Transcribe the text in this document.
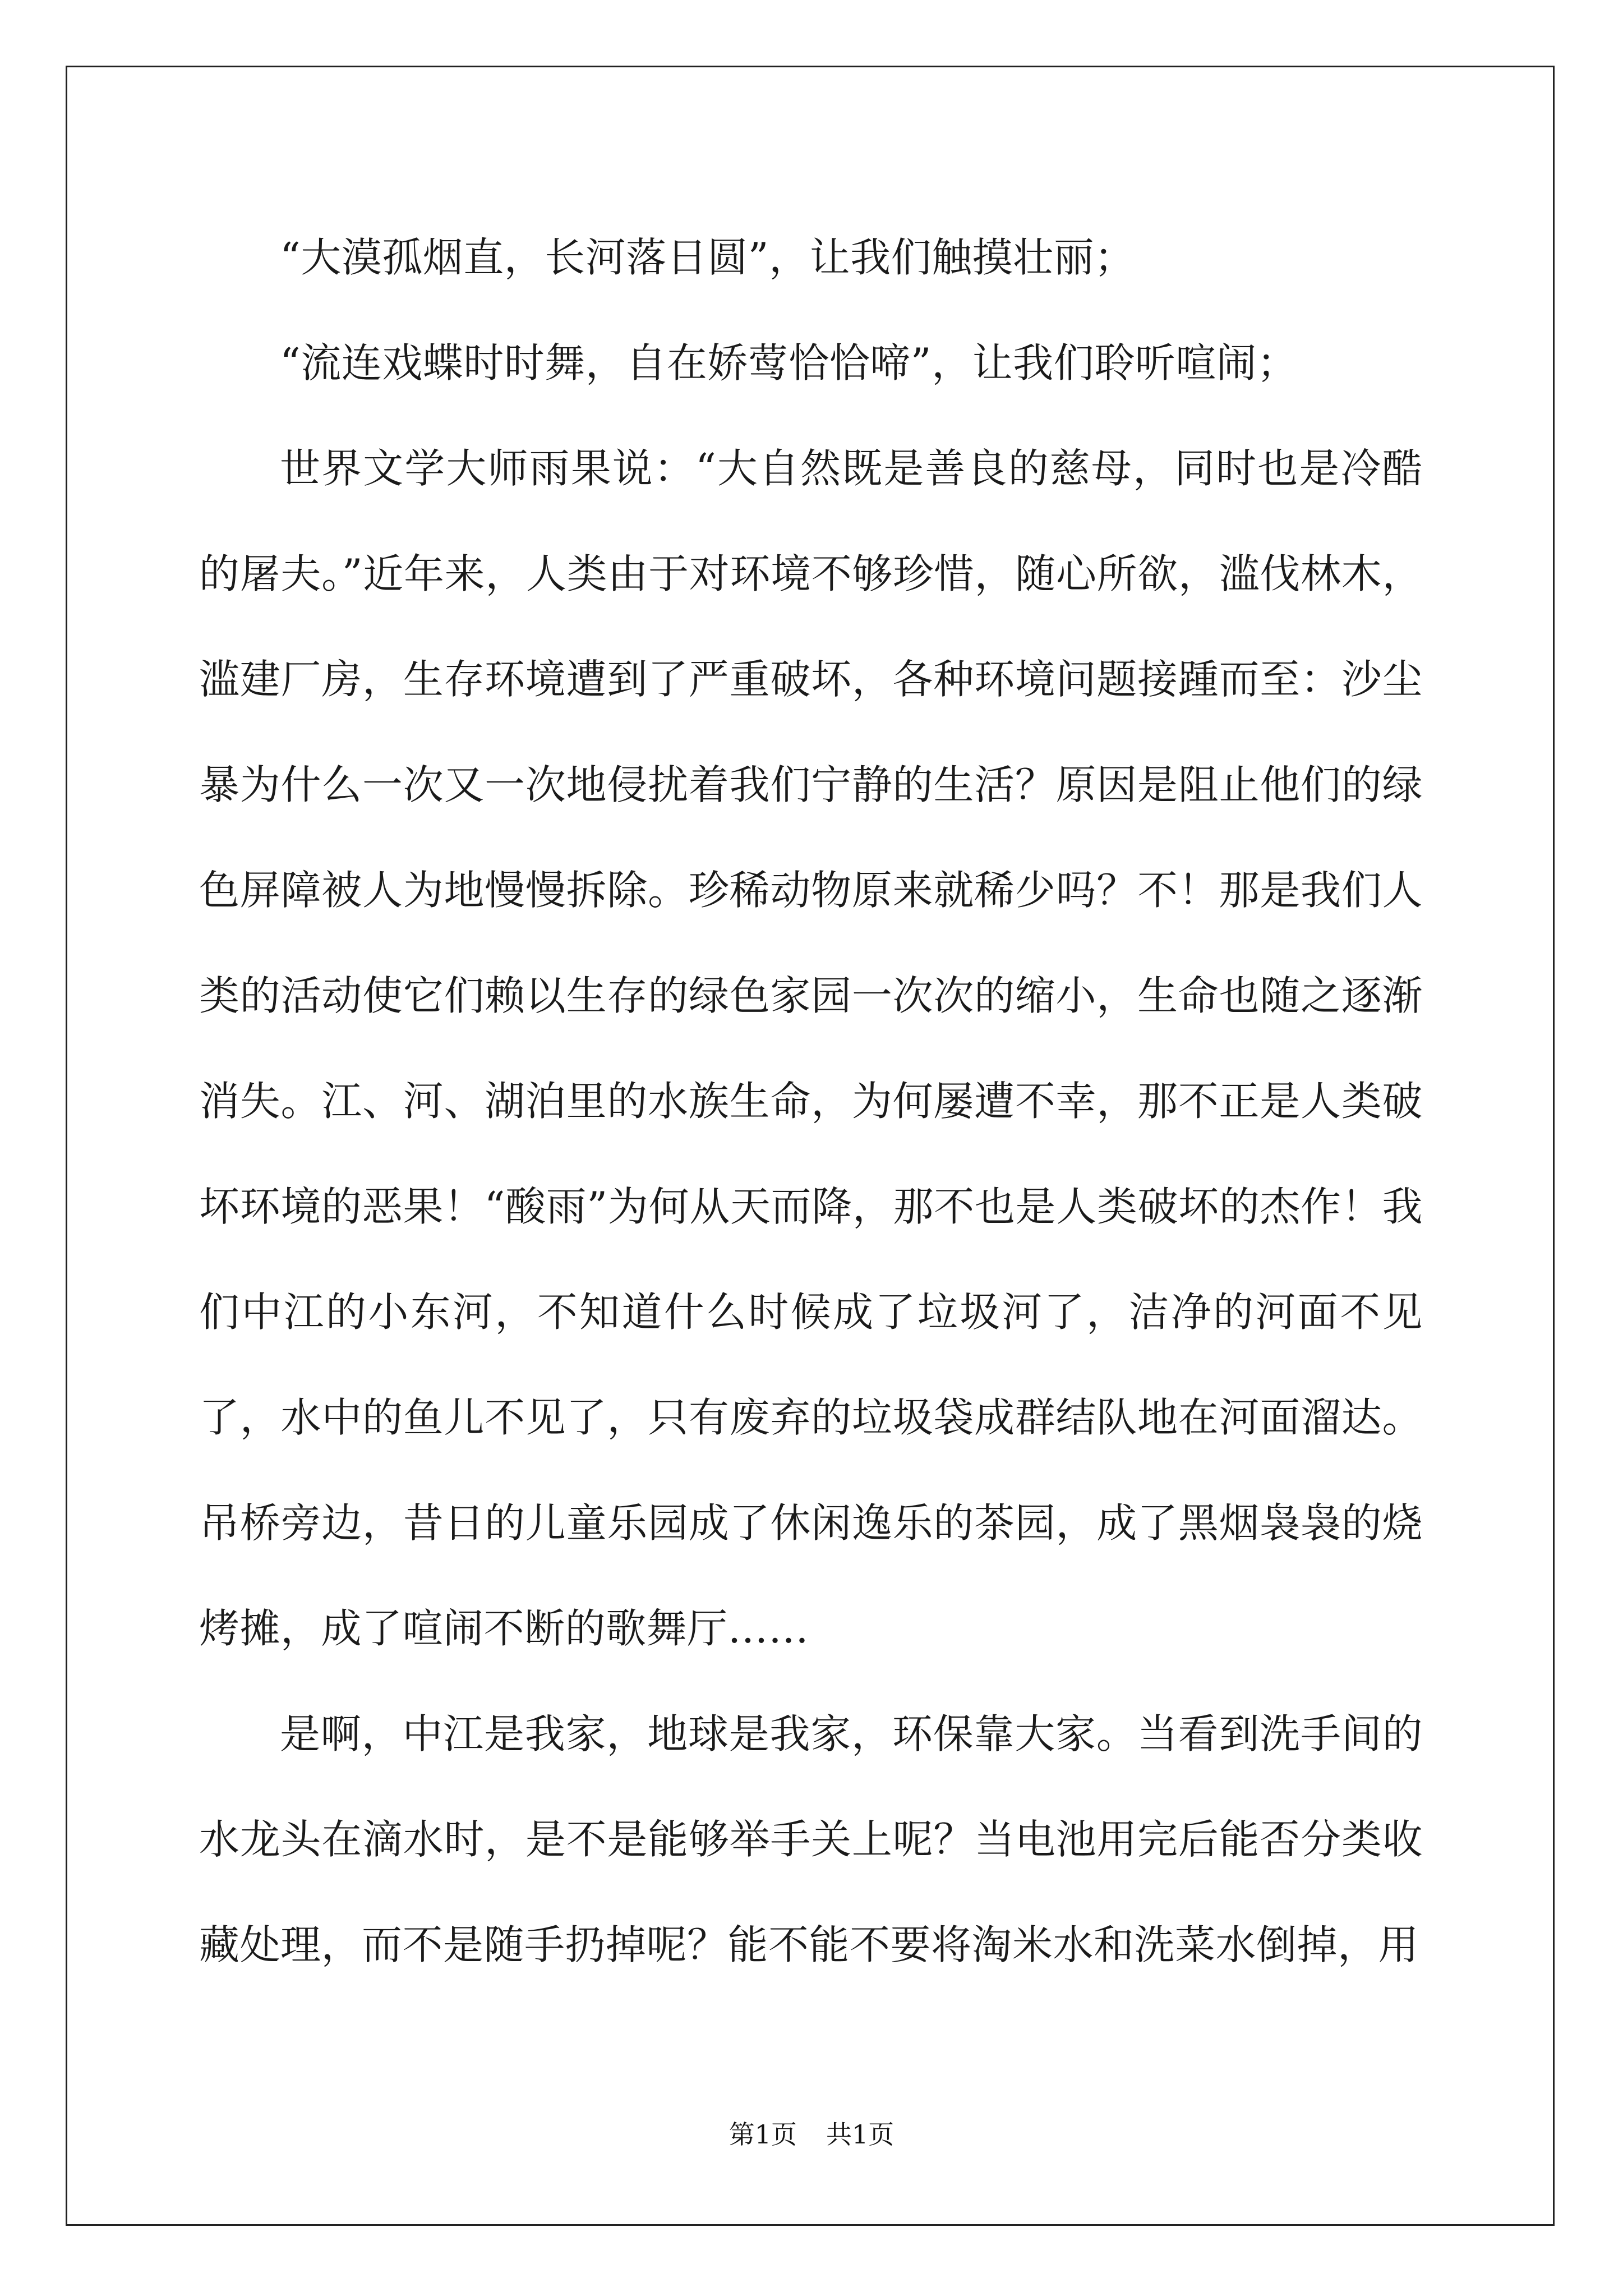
“大漠孤烟直，长河落日圆”，让我们触摸壮丽；

“流连戏蝶时时舞，自在娇莺恰恰啼”，让我们聆听喧闹；

世界文学大师雨果说：“大自然既是善良的慈母，同时也是冷酷的屠夫。”近年来，人类由于对环境不够珍惜，随心所欲，滥伐林木，滥建厂房，生存环境遭到了严重破坏，各种环境问题接踵而至：沙尘暴为什么一次又一次地侵扰着我们宁静的生活？原因是阻止他们的绿色屏障被人为地慢慢拆除。珍稀动物原来就稀少吗？不！那是我们人类的活动使它们赖以生存的绿色家园一次次的缩小，生命也随之逐渐消失。江、河、湖泊里的水族生命，为何屡遭不幸，那不正是人类破坏环境的恶果！“酸雨”为何从天而降，那不也是人类破坏的杰作！我们中江的小东河，不知道什么时候成了垃圾河了，洁净的河面不见了，水中的鱼儿不见了，只有废弃的垃圾袋成群结队地在河面溜达。吊桥旁边，昔日的儿童乐园成了休闲逸乐的茶园，成了黑烟袅袅的烧烤摊，成了喧闹不断的歌舞厅……

是啊，中江是我家，地球是我家，环保靠大家。当看到洗手间的水龙头在滴水时，是不是能够举手关上呢？当电池用完后能否分类收藏处理，而不是随手扔掉呢？能不能不要将淘米水和洗菜水倒掉，用

第1页 共1页
